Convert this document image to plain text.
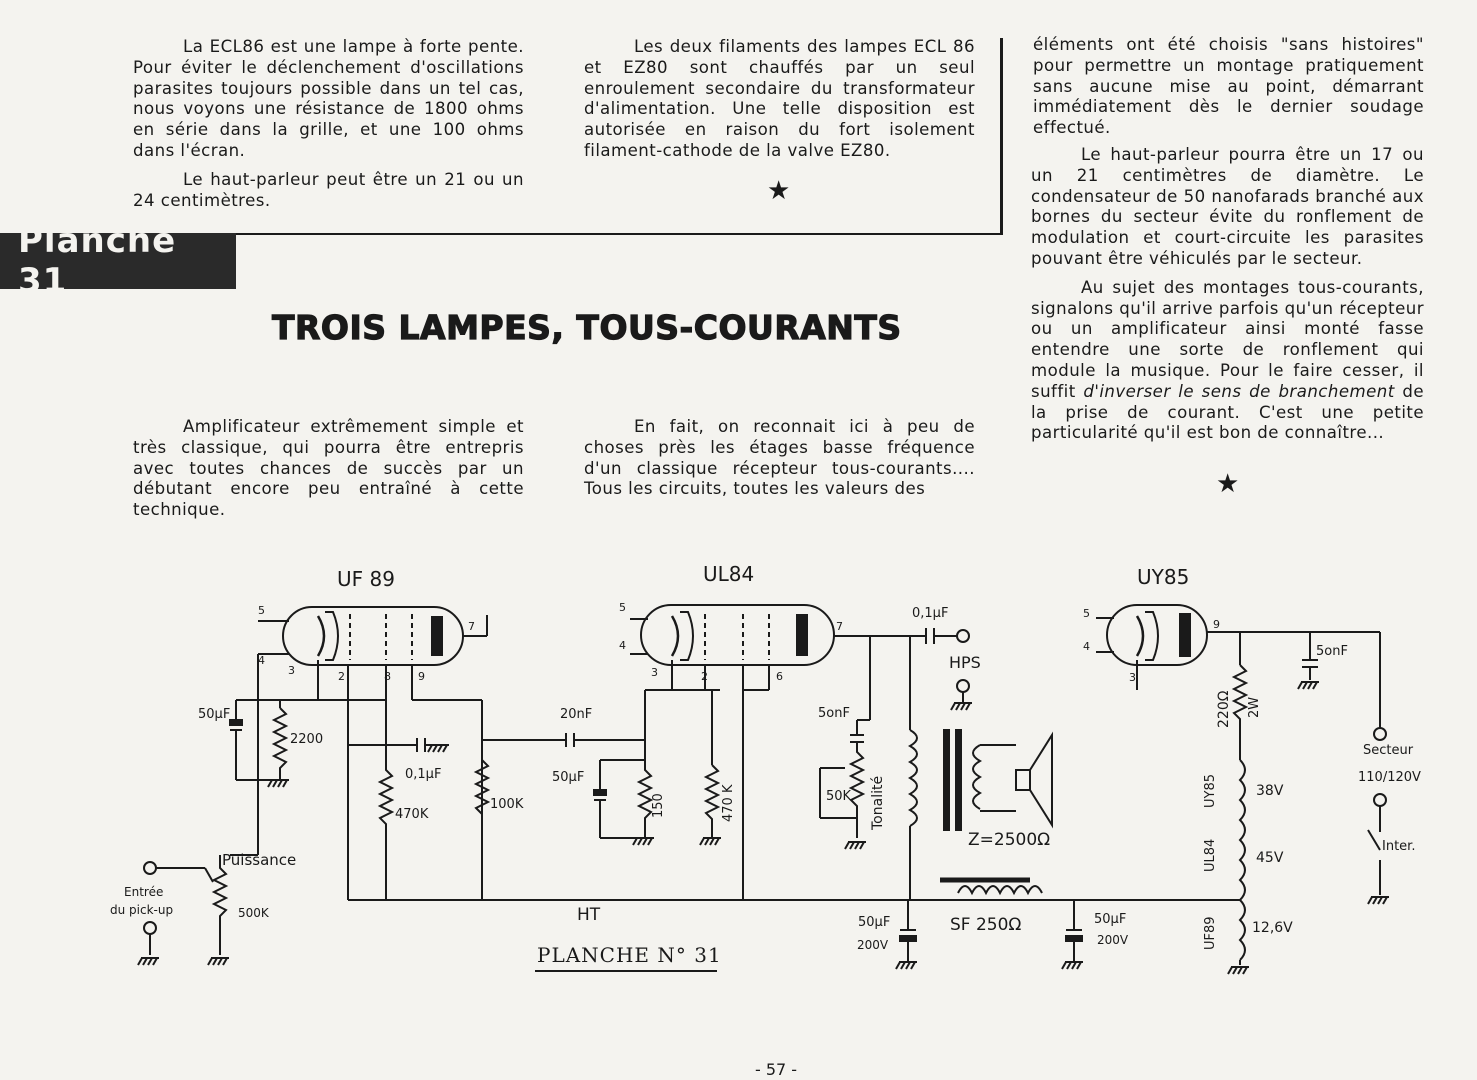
La ECL86 est une lampe à forte pente. Pour éviter le déclenchement d'oscillations parasites toujours possible dans un tel cas, nous voyons une résistance de 1800 ohms en série dans la grille, et une 100 ohms dans l'écran.

Le haut-parleur peut être un 21 ou un 24 centimètres.

Amplificateur extrêmement simple et très classique, qui pourra être entrepris avec toutes chances de succès par un débutant encore peu entraîné à cette technique.

Les deux filaments des lampes ECL 86 et EZ80 sont chauffés par un seul enroulement secondaire du transformateur d'alimentation. Une telle disposition est autorisée en raison du fort isolement filament-cathode de la valve EZ80.

★

En fait, on reconnait ici à peu de choses près les étages basse fréquence d'un classique récepteur tous-courants.... Tous les circuits, toutes les valeurs des

éléments ont été choisis "sans histoires" pour permettre un montage pratiquement sans aucune mise au point, démarrant immédiatement dès le dernier soudage effectué.

Le haut-parleur pourra être un 17 ou un 21 centimètres de diamètre. Le condensateur de 50 nanofarads branché aux bornes du secteur évite du ronflement de modulation et court-circuite les parasites pouvant être véhiculés par le secteur.

Au sujet des montages tous-courants, signalons qu'il arrive parfois qu'un récepteur ou un amplificateur ainsi monté fasse entendre une sorte de ronflement qui module la musique. Pour le faire cesser, il suffit d'inverser le sens de branchement de la prise de courant. C'est une petite particularité qu'il est bon de connaître...

★
Planche 31
TROIS LAMPES, TOUS-COURANTS
UF 89	UL84	UY85
5
4
3	2	8 9
7
5
4
3	2	6
7
5
4
3
9
50µF
2200
0,1µF
470K
100K
20nF
50µF
150	470 K
0,1µF
HPS
5onF
50K Tonalité
Z=2500Ω
SF 250Ω
50µF
200V
50µF
200V
5onF
220Ω 2W
Secteur
110/120V
Inter.
Puissance
Entrée
du pick-up	500K	HT
38V
45V
12,6V
UY85
UL84
UF89
PLANCHE N° 31
- 57 -
